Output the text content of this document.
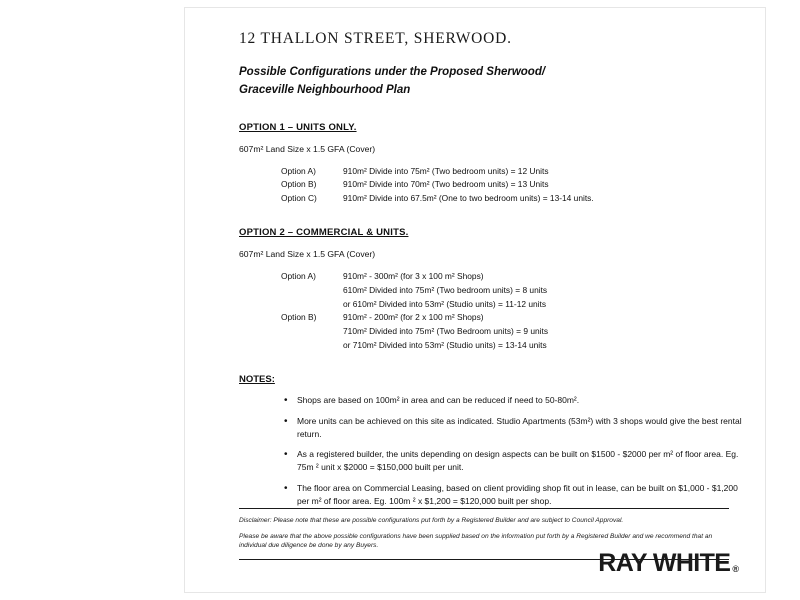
12 THALLON STREET, SHERWOOD.
Possible Configurations under the Proposed Sherwood/
Graceville Neighbourhood Plan
OPTION 1 – UNITS ONLY.
607m² Land Size x 1.5 GFA (Cover)
Option A)	910m² Divide into 75m² (Two bedroom units) = 12 Units
Option B)	910m² Divide into 70m² (Two bedroom units) = 13 Units
Option C)	910m² Divide into 67.5m² (One to two bedroom units) = 13-14 units.
OPTION 2 – COMMERCIAL & UNITS.
607m² Land Size x 1.5 GFA (Cover)
Option A)	910m² - 300m² (for 3 x 100 m² Shops)
610m² Divided into 75m² (Two bedroom units) = 8 units
or 610m² Divided into 53m² (Studio units) = 11-12 units
Option B)	910m² - 200m² (for 2 x 100 m² Shops)
710m² Divided into 75m² (Two Bedroom units) = 9 units
or 710m² Divided into 53m² (Studio units) = 13-14 units
NOTES:
• Shops are based on 100m² in area and can be reduced if need to 50-80m².
• More units can be achieved on this site as indicated. Studio Apartments (53m²) with 3 shops would give the best rental return.
• As a registered builder, the units depending on design aspects can be built on $1500 - $2000 per m² of floor area. Eg. 75m ² unit x $2000 = $150,000 built per unit.
• The floor area on Commercial Leasing, based on client providing shop fit out in lease, can be built on $1,000 - $1,200 per m² of floor area. Eg. 100m ² x $1,200 = $120,000 built per shop.

Disclaimer: Please note that these are possible configurations put forth by a Registered Builder and are subject to Council Approval.

Please be aware that the above possible configurations have been supplied based on the information put forth by a Registered Builder and we recommend that an individual due diligence be done by any Buyers.

RAY WHITE ®
